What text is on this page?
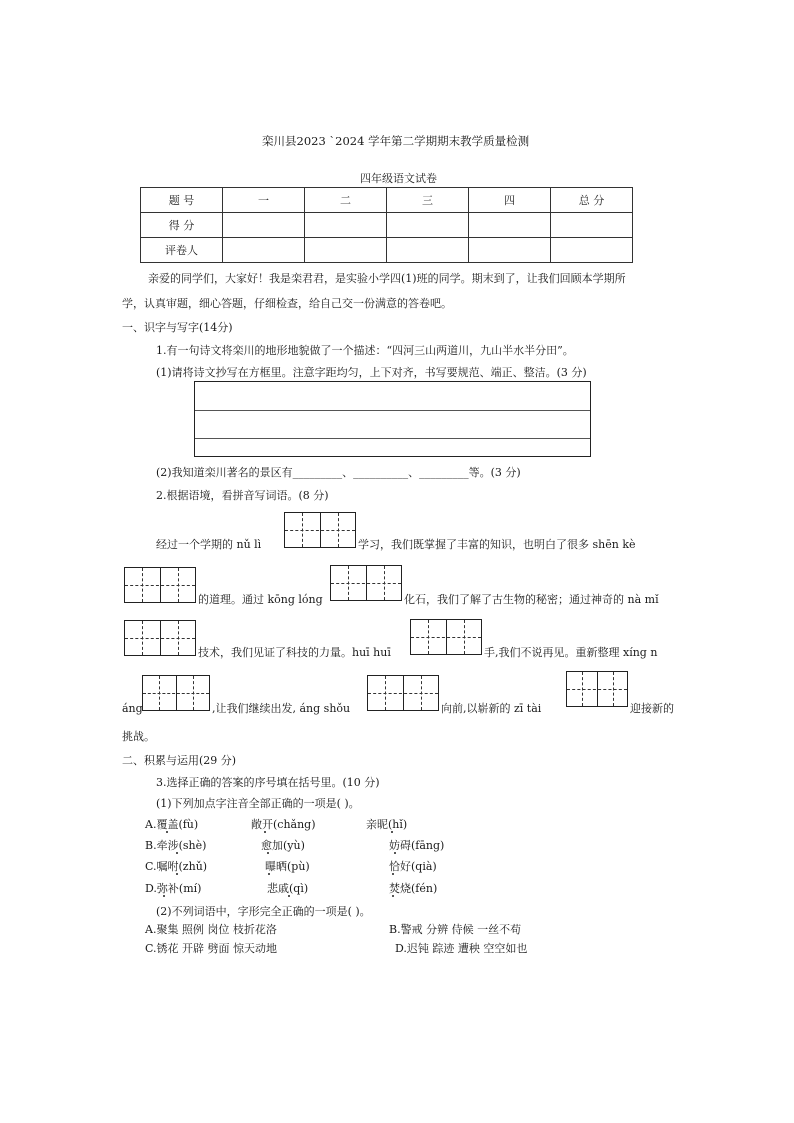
栾川县2023 `2024 学年第二学期期末教学质量检测
四年级语文试卷
题 号	一	二	三	四	总 分
得 分					
评卷人					
亲爱的同学们，大家好！我是栾君君，是实验小学四(1)班的同学。期末到了，让我们回顾本学期所
学，认真审题，细心答题，仔细检查，给自己交一份满意的答卷吧。
一、识字与写字(14分)
1.有一句诗文将栾川的地形地貌做了一个描述：“四河三山两道川，九山半水半分田”。
(1)请将诗文抄写在方框里。注意字距均匀，上下对齐，书写要规范、端正、整洁。(3 分)
(2)我知道栾川著名的景区有_________、__________、_________等。(3 分)
2.根据语境，看拼音写词语。(8 分)
经过一个学期的 nǔ lì	学习，我们既掌握了丰富的知识，也明白了很多 shēn kè
的道理。通过 kōng lóng	化石，我们了解了古生物的秘密；通过神奇的 nà mǐ
技术，我们见证了科技的力量。huī huī	手,我们不说再见。重新整理 xíng n
áng	,让我们继续出发, áng shǒu	向前,以崭新的 zī tài	迎接新的
挑战。
二、积累与运用(29 分)
3.选择正确的答案的序号填在括号里。(10 分)
(1)下列加点字注音全部正确的一项是( )。
A.覆盖(fù)	敞开(chǎng)	亲昵(hǐ)
B.牵涉(shè)	愈加(yù)	妨碍(fāng)
C.嘱咐(zhǔ)	曝晒(pù)	恰好(qià)
D.弥补(mí)	悲戚(qì)	焚烧(fén)
(2)不列词语中，字形完全正确的一项是( )。
A.聚集 照例 岗位 枝折花洛	B.警戒 分辨 侍候 一丝不苟
C.锈花 开辟 劈面 惊天动地	D.迟钝 踪迹 遭秧 空空如也
